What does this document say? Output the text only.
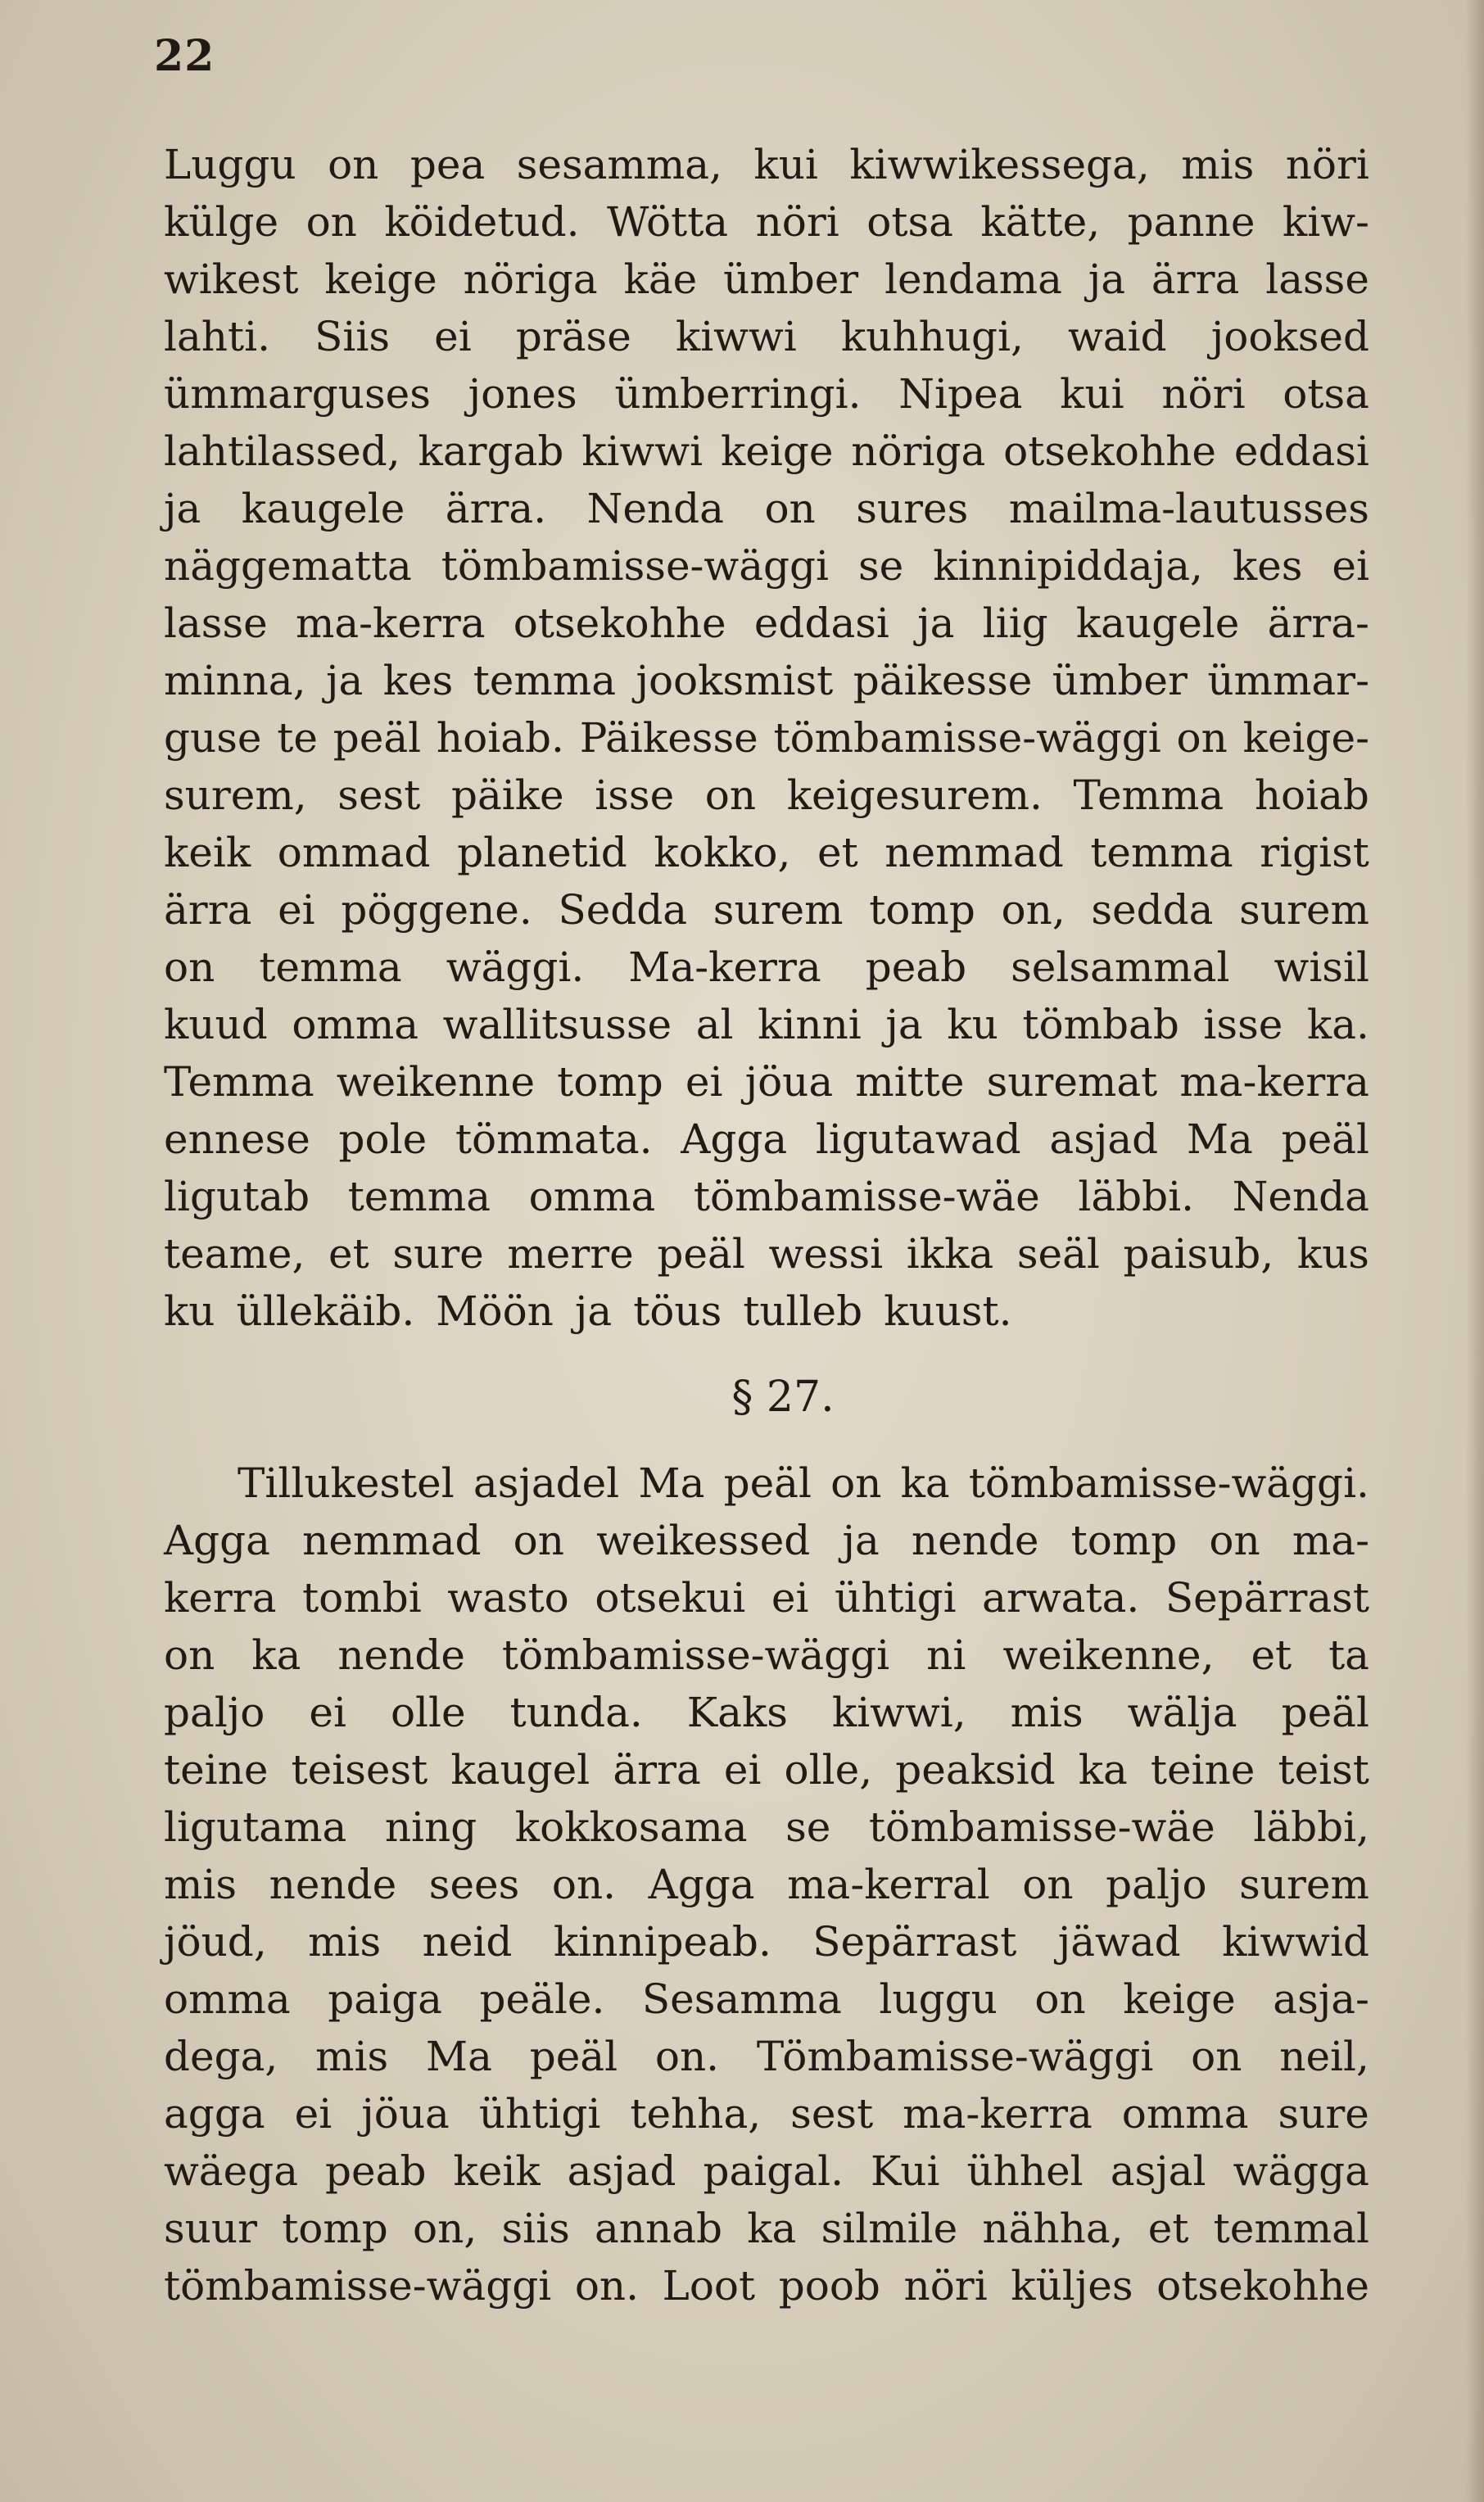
22
Luggu on pea sesamma, kui kiwwikessega, mis nöri
külge on köidetud. Wötta nöri otsa kätte, panne kiw-
wikest keige nöriga käe ümber lendama ja ärra lasse
lahti. Siis ei präse kiwwi kuhhugi, waid jooksed
ümmarguses jones ümberringi. Nipea kui nöri otsa
lahtilassed, kargab kiwwi keige nöriga otsekohhe eddasi
ja kaugele ärra. Nenda on sures mailma-lautusses
näggematta tömbamisse-wäggi se kinnipiddaja, kes ei
lasse ma-kerra otsekohhe eddasi ja liig kaugele ärra-
minna, ja kes temma jooksmist päikesse ümber ümmar-
guse te peäl hoiab. Päikesse tömbamisse-wäggi on keige-
surem, sest päike isse on keigesurem. Temma hoiab
keik ommad planetid kokko, et nemmad temma rigist
ärra ei pöggene. Sedda surem tomp on, sedda surem
on temma wäggi. Ma-kerra peab selsammal wisil
kuud omma wallitsusse al kinni ja ku tömbab isse ka.
Temma weikenne tomp ei jöua mitte suremat ma-kerra
ennese pole tömmata. Agga ligutawad asjad Ma peäl
ligutab temma omma tömbamisse-wäe läbbi. Nenda
teame, et sure merre peäl wessi ikka seäl paisub, kus
ku üllekäib. Möön ja töus tulleb kuust.
§ 27.
Tillukestel asjadel Ma peäl on ka tömbamisse-wäggi.
Agga nemmad on weikessed ja nende tomp on ma-
kerra tombi wasto otsekui ei ühtigi arwata. Sepärrast
on ka nende tömbamisse-wäggi ni weikenne, et ta
paljo ei olle tunda. Kaks kiwwi, mis wälja peäl
teine teisest kaugel ärra ei olle, peaksid ka teine teist
ligutama ning kokkosama se tömbamisse-wäe läbbi,
mis nende sees on. Agga ma-kerral on paljo surem
jöud, mis neid kinnipeab. Sepärrast jäwad kiwwid
omma paiga peäle. Sesamma luggu on keige asja-
dega, mis Ma peäl on. Tömbamisse-wäggi on neil,
agga ei jöua ühtigi tehha, sest ma-kerra omma sure
wäega peab keik asjad paigal. Kui ühhel asjal wägga
suur tomp on, siis annab ka silmile nähha, et temmal
tömbamisse-wäggi on. Loot poob nöri küljes otsekohhe
